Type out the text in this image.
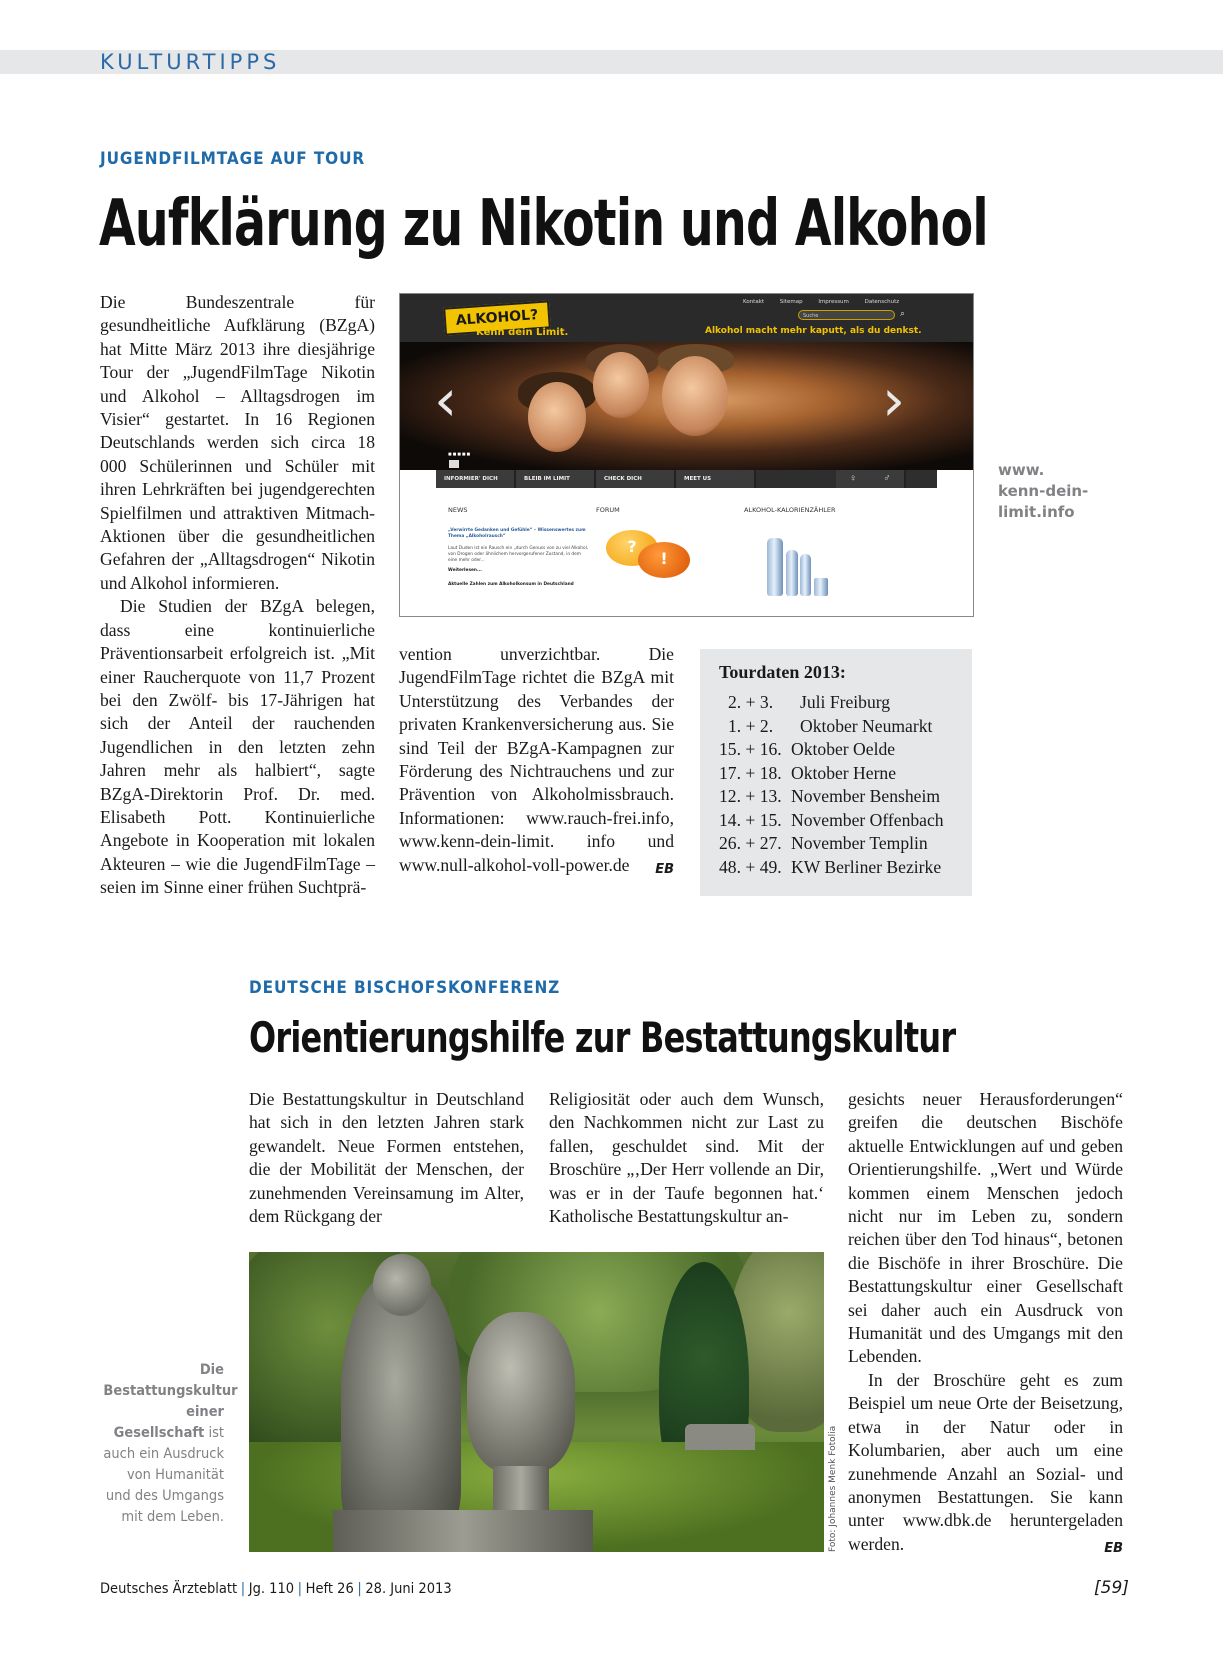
KULTURTIPPS
JUGENDFILMTAGE AUF TOUR
Aufklärung zu Nikotin und Alkohol

Die Bundeszentrale für gesundheitliche Aufklärung (BZgA) hat Mitte März 2013 ihre diesjährige Tour der „JugendFilmTage Nikotin und Alkohol – Alltagsdrogen im Visier“ gestartet. In 16 Regionen Deutschlands werden sich circa 18 000 Schülerinnen und Schüler mit ihren Lehrkräften bei jugendgerechten Spielfilmen und attraktiven Mitmach-Aktionen über die gesundheitlichen Gefahren der „Alltagsdrogen“ Nikotin und Alkohol informieren.

Die Studien der BZgA belegen, dass eine kontinuierliche Präventionsarbeit erfolgreich ist. „Mit einer Raucherquote von 11,7 Prozent bei den Zwölf- bis 17-Jährigen hat sich der Anteil der rauchenden Jugendlichen in den letzten zehn Jahren mehr als halbiert“, sagte BZgA-Direktorin Prof. Dr. med. Elisabeth Pott. Kontinuierliche Angebote in Kooperation mit lokalen Akteuren – wie die JugendFilmTage – seien im Sinne einer frühen Suchtprä-

ALKOHOL?
Kenn dein Limit.
Kontakt Sitemap Impressum Datenschutz
Suche	⌕
Alkohol macht mehr kaputt, als du denkst.
‹	›
■■■■■
INFORMIER' DICH	BLEIB IM LIMIT	CHECK DICH	MEET US	♀	♂
NEWS	FORUM	ALKOHOL-KALORIENZÄHLER
„Verwirrte Gedanken und Gefühle“ – Wissenswertes zum Thema „Alkoholrausch“
Laut Duden ist ein Rausch ein „durch Genuss von zu viel Alkohol, von Drogen oder ähnlichem hervorgerufener Zustand, in dem eine mehr oder...
Weiterlesen...
Aktuelle Zahlen zum Alkoholkonsum in Deutschland
?
!
www.
kenn-dein-
limit.info

vention unverzichtbar. Die JugendFilmTage richtet die BZgA mit Unterstützung des Verbandes der privaten Krankenversicherung aus. Sie sind Teil der BZgA-Kampagnen zur Förderung des Nichtrauchens und zur Prävention von Alkoholmissbrauch. Informationen: www.rauch-frei.info, www.kenn-dein-limit. info und www.null-alkohol-voll-power.de EB

Tourdaten 2013:
2. + 3. Juli Freiburg
1. + 2. Oktober Neumarkt
15. + 16. Oktober Oelde
17. + 18. Oktober Herne
12. + 13. November Bensheim
14. + 15. November Offenbach
26. + 27. November Templin
48. + 49. KW Berliner Bezirke
DEUTSCHE BISCHOFSKONFERENZ
Orientierungshilfe zur Bestattungskultur

Die Bestattungskultur in Deutschland hat sich in den letzten Jahren stark gewandelt. Neue Formen entstehen, die der Mobilität der Menschen, der zunehmenden Vereinsamung im Alter, dem Rückgang der

Religiosität oder auch dem Wunsch, den Nachkommen nicht zur Last zu fallen, geschuldet sind. Mit der Broschüre „‚Der Herr vollende an Dir, was er in der Taufe begonnen hat.‘ Katholische Bestattungskultur an-

gesichts neuer Herausforderungen“ greifen die deutschen Bischöfe aktuelle Entwicklungen auf und geben Orientierungshilfe. „Wert und Würde kommen einem Menschen jedoch nicht nur im Leben zu, sondern reichen über den Tod hinaus“, betonen die Bischöfe in ihrer Broschüre. Die Bestattungskultur einer Gesellschaft sei daher auch ein Ausdruck von Humanität und des Umgangs mit den Lebenden.

In der Broschüre geht es zum Beispiel um neue Orte der Beisetzung, etwa in der Natur oder in Kolumbarien, aber auch um eine zunehmende Anzahl an Sozial- und anonymen Bestattungen. Sie kann unter www.dbk.de heruntergeladen werden.	EB

Foto: Johannes Menk Fotolia
Die Bestattungskultur einer Gesellschaft ist auch ein Ausdruck von Humanität und des Umgangs mit dem Leben.
Deutsches Ärzteblatt | Jg. 110 | Heft 26 | 28. Juni 2013	[59]
